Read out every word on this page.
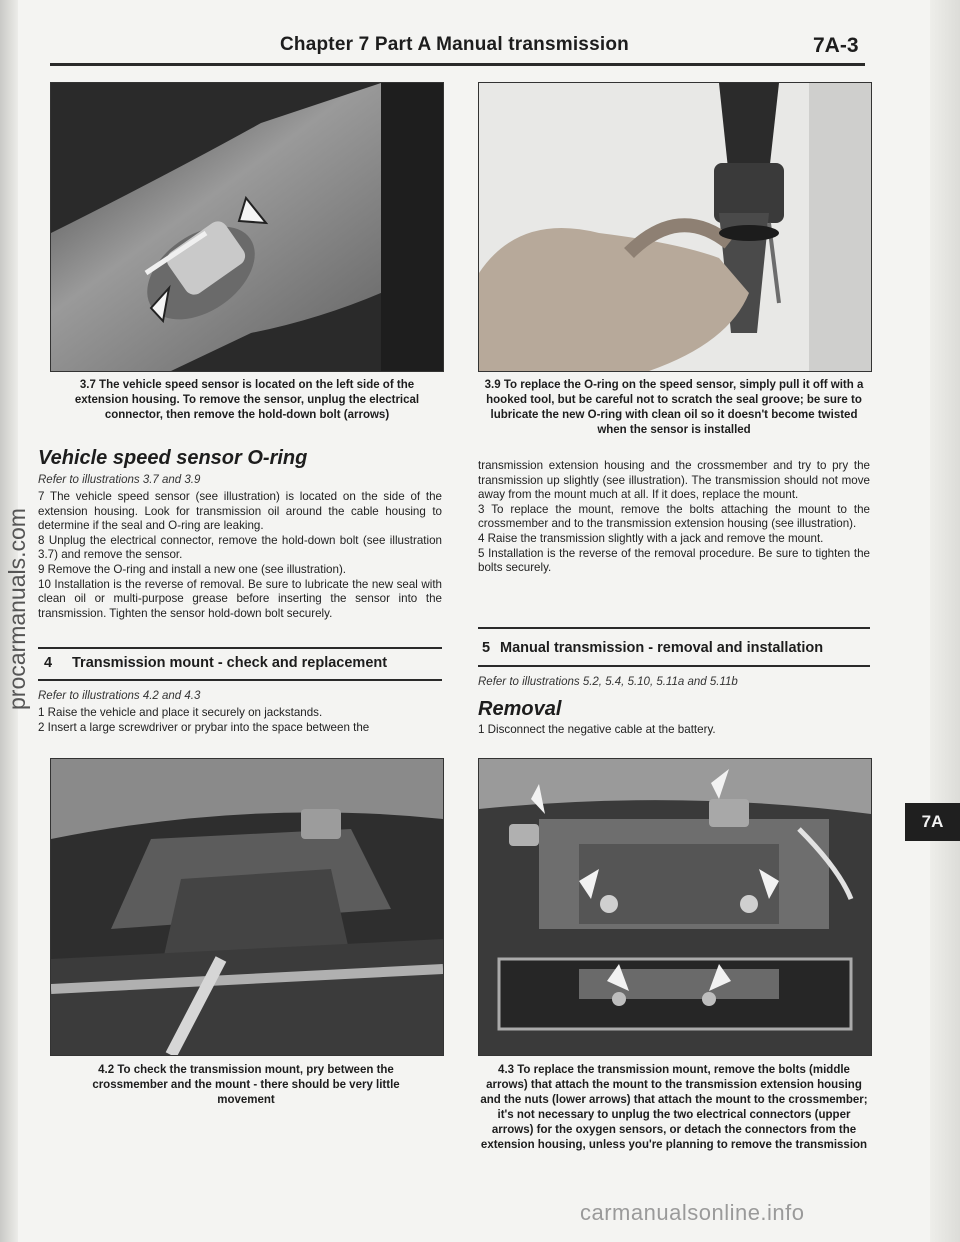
Chapter 7 Part A Manual transmission	7A-3
procarmanuals.com
7A
3.7 The vehicle speed sensor is located on the left side of the extension housing. To remove the sensor, unplug the electrical connector, then remove the hold-down bolt (arrows)
3.9 To replace the O-ring on the speed sensor, simply pull it off with a hooked tool, but be careful not to scratch the seal groove; be sure to lubricate the new O-ring with clean oil so it doesn't become twisted when the sensor is installed
Vehicle speed sensor O-ring
Refer to illustrations 3.7 and 3.9

7 The vehicle speed sensor (see illustration) is located on the side of the extension housing. Look for transmission oil around the cable housing to determine if the seal and O-ring are leaking.

8 Unplug the electrical connector, remove the hold-down bolt (see illustration 3.7) and remove the sensor.

9 Remove the O-ring and install a new one (see illustration).

10 Installation is the reverse of removal. Be sure to lubricate the new seal with clean oil or multi-purpose grease before inserting the sensor into the transmission. Tighten the sensor hold-down bolt securely.

4 Transmission mount - check and replacement
Refer to illustrations 4.2 and 4.3

1 Raise the vehicle and place it securely on jackstands.

2 Insert a large screwdriver or prybar into the space between the

4.2 To check the transmission mount, pry between the crossmember and the mount - there should be very little movement

transmission extension housing and the crossmember and try to pry the transmission up slightly (see illustration). The transmission should not move away from the mount much at all. If it does, replace the mount.

3 To replace the mount, remove the bolts attaching the mount to the crossmember and to the transmission extension housing (see illustration).

4 Raise the transmission slightly with a jack and remove the mount.

5 Installation is the reverse of the removal procedure. Be sure to tighten the bolts securely.

5 Manual transmission - removal and installation
Refer to illustrations 5.2, 5.4, 5.10, 5.11a and 5.11b
Removal

1 Disconnect the negative cable at the battery.

4.3 To replace the transmission mount, remove the bolts (middle arrows) that attach the mount to the transmission extension housing and the nuts (lower arrows) that attach the mount to the crossmember; it's not necessary to unplug the two electrical connectors (upper arrows) for the oxygen sensors, or detach the connectors from the extension housing, unless you're planning to remove the transmission
carmanualsonline.info
